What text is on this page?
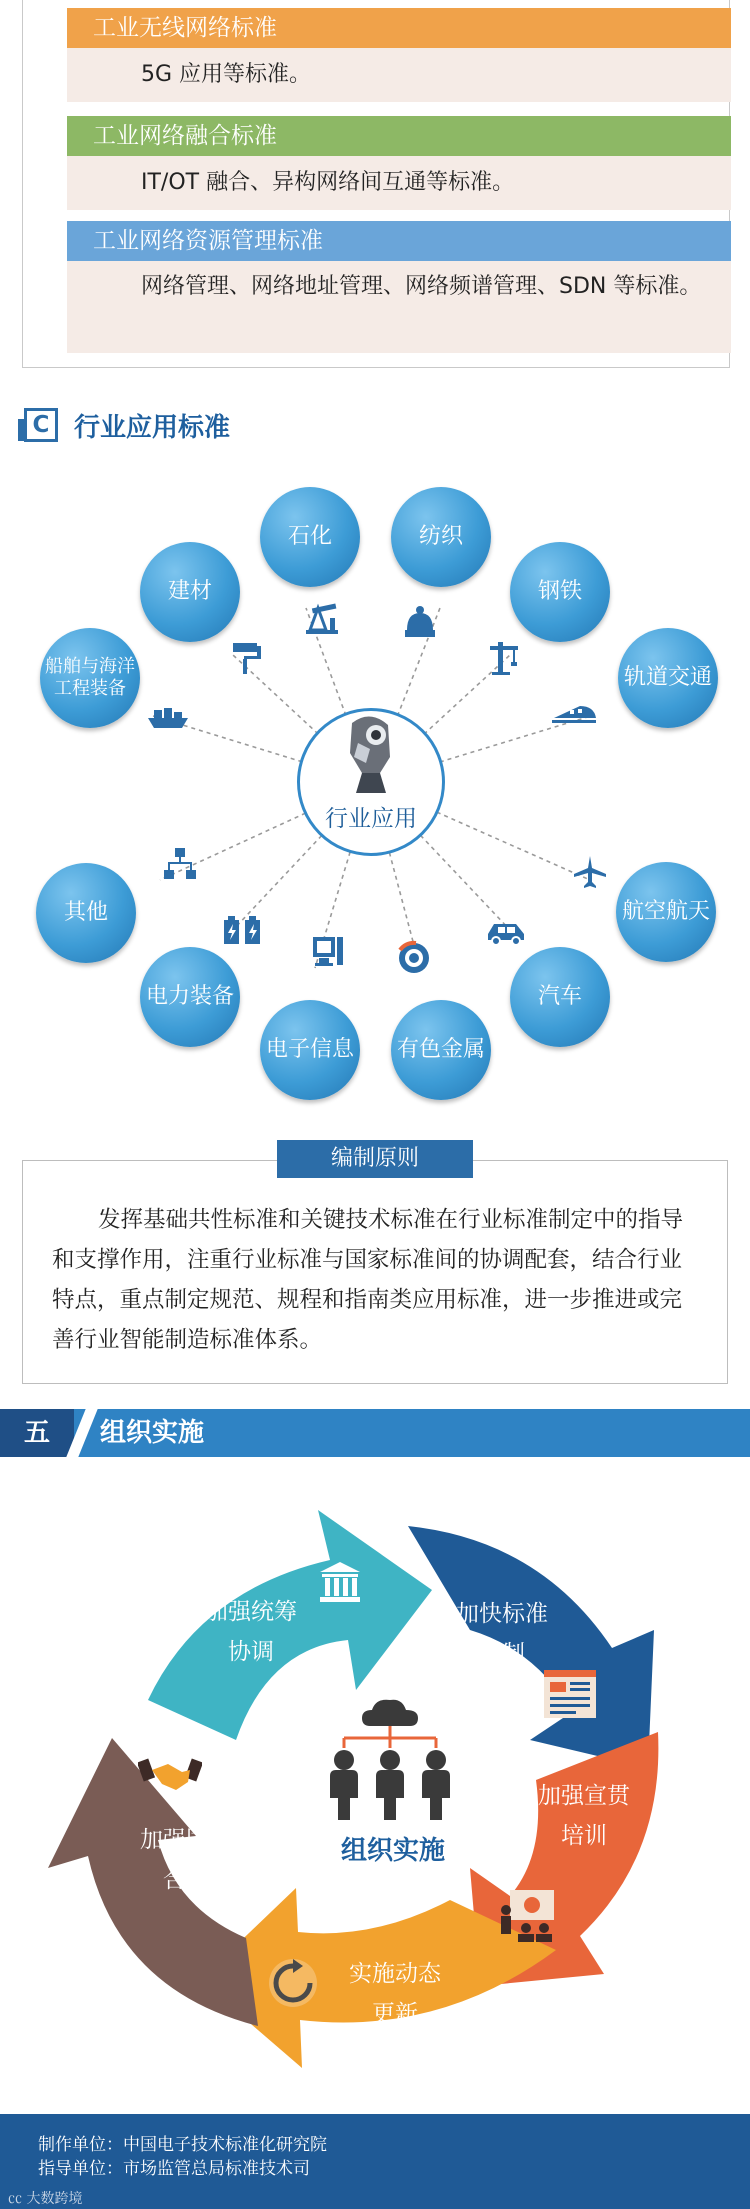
工业无线网络标准
5G 应用等标准。
工业网络融合标准
IT/OT 融合、异构网络间互通等标准。
工业网络资源管理标准
网络管理、网络地址管理、网络频谱管理、SDN 等标准。
C 行业应用标准
行业应用
石化	纺织
建材	钢铁
船舶与海洋工程装备	轨道交通
其他	航空航天
电力装备	汽车
电子信息 有色金属
编制原则
发挥基础共性标准和关键技术标准在行业标准制定中的指导和支撑作用，注重行业标准与国家标准间的协调配套，结合行业特点，重点制定规范、规程和指南类应用标准，进一步推进或完善行业智能制造标准体系。
五	组织实施
组织实施
加强统筹协调
加快标准研制
加强宣贯培训
实施动态更新
加强国际合作
制作单位：中国电子技术标准化研究院
指导单位：市场监管总局标准技术司
㏄ 大数跨境
